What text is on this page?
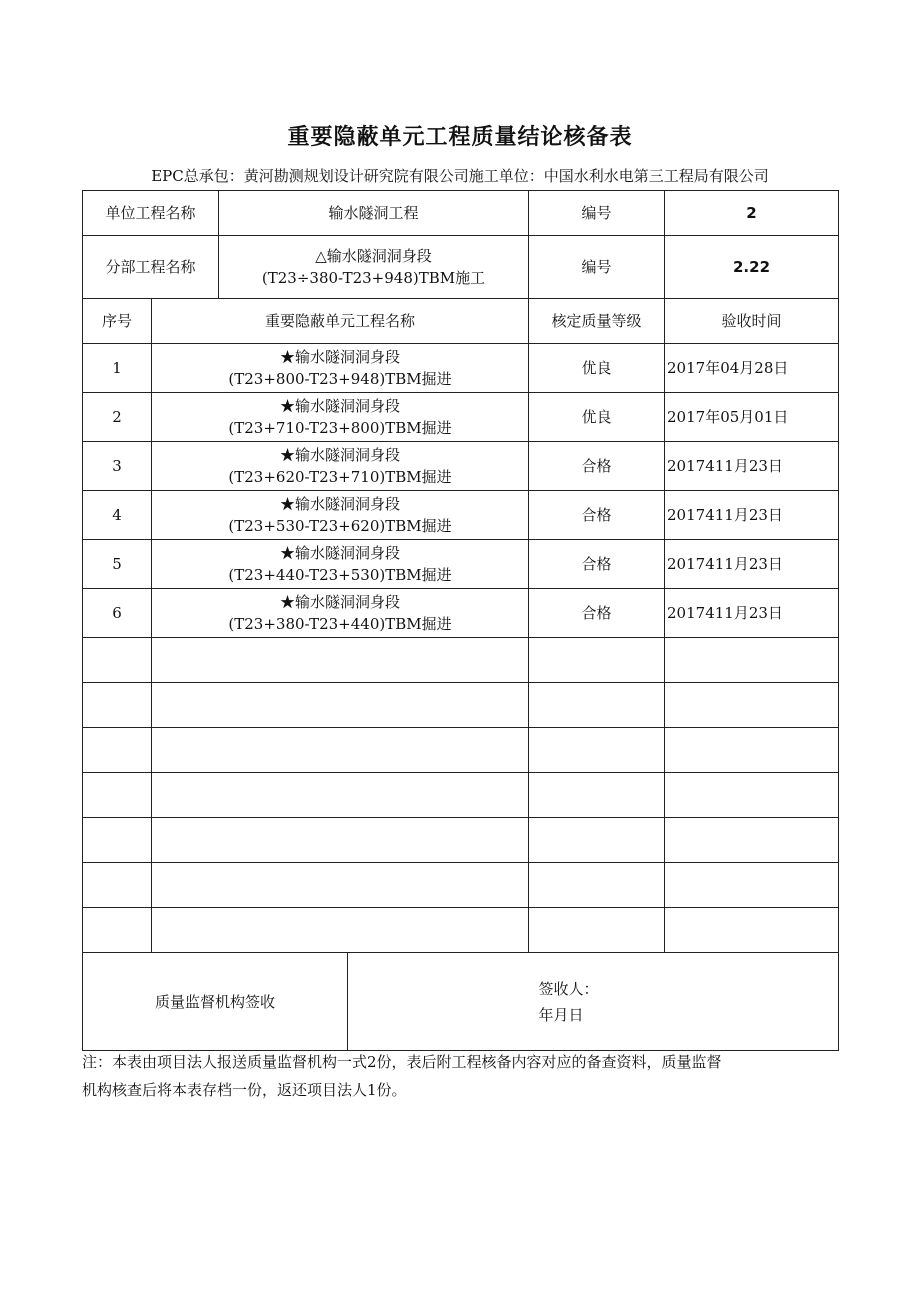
重要隐蔽单元工程质量结论核备表
EPC总承包：黄河勘测规划设计研究院有限公司施工单位：中国水利水电第三工程局有限公司
单位工程名称		输水隧洞工程	编号	2
分部工程名称		△输水隧洞洞身段
(T23÷380-T23+948)TBM施工	编号	2.22
序号	重要隐蔽单元工程名称		核定质量等级	验收时间
1	★输水隧洞洞身段
(T23+800-T23+948)TBM掘进		优良	2017年04月28日
2	★输水隧洞洞身段
(T23+710-T23+800)TBM掘进		优良	2017年05月01日
3	★输水隧洞洞身段
(T23+620-T23+710)TBM掘进		合格	2017411月23日
4	★输水隧洞洞身段
(T23+530-T23+620)TBM掘进		合格	2017411月23日
5	★输水隧洞洞身段
(T23+440-T23+530)TBM掘进		合格	2017411月23日
6	★输水隧洞洞身段
(T23+380-T23+440)TBM掘进		合格	2017411月23日

质量监督机构签收			签收人：
年月日	
注：本表由项目法人报送质量监督机构一式2份，表后附工程核备内容对应的备查资料，质量监督
机构核查后将本表存档一份，返还项目法人1份。
